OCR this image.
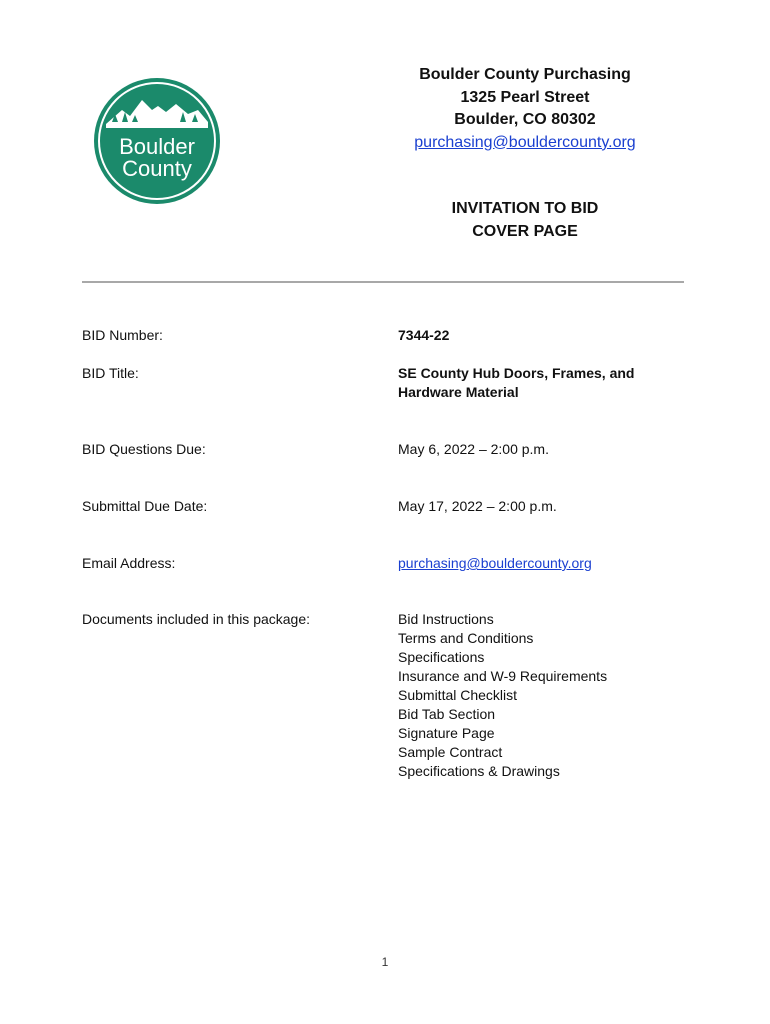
Boulder
County
Boulder County Purchasing
1325 Pearl Street
Boulder, CO 80302
purchasing@bouldercounty.org
INVITATION TO BID
COVER PAGE
BID Number:	7344-22
BID Title:	SE County Hub Doors, Frames, and
Hardware Material
BID Questions Due:	May 6, 2022 – 2:00 p.m.
Submittal Due Date:	May 17, 2022 – 2:00 p.m.
Email Address:	purchasing@bouldercounty.org
Documents included in this package:	Bid Instructions
Terms and Conditions
Specifications
Insurance and W-9 Requirements
Submittal Checklist
Bid Tab Section
Signature Page
Sample Contract
Specifications & Drawings
1
